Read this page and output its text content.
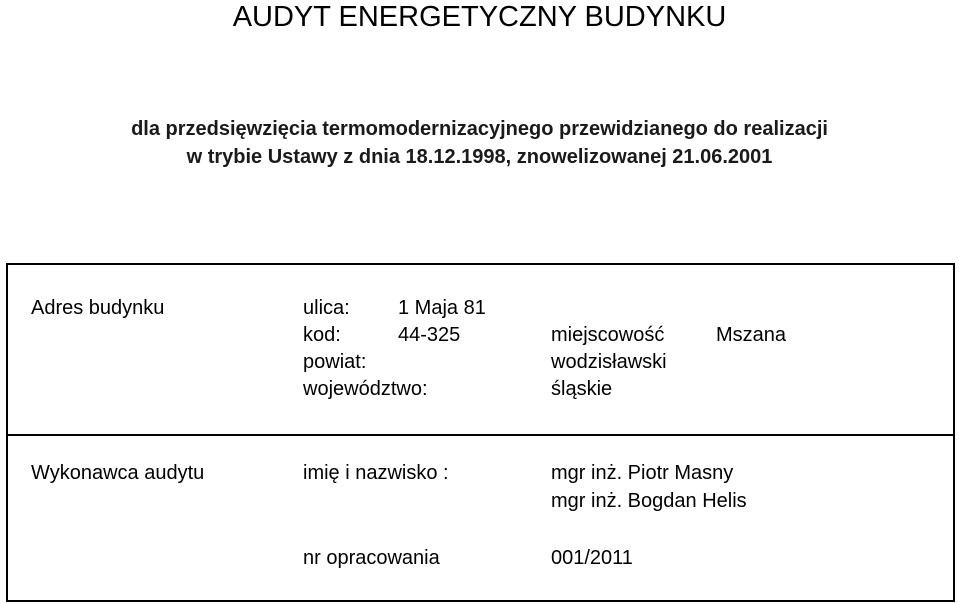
AUDYT ENERGETYCZNY BUDYNKU
dla przedsięwzięcia termomodernizacyjnego przewidzianego do realizacji
w trybie Ustawy z dnia 18.12.1998, znowelizowanej 21.06.2001
Adres budynku	ulica: 1 Maja 81
kod:	44-325	miejscowość	Mszana
powiat:	wodzisławski
województwo:	śląskie
Wykonawca audytu	imię i nazwisko :	mgr inż. Piotr Masny
mgr inż. Bogdan Helis
nr opracowania	001/2011
